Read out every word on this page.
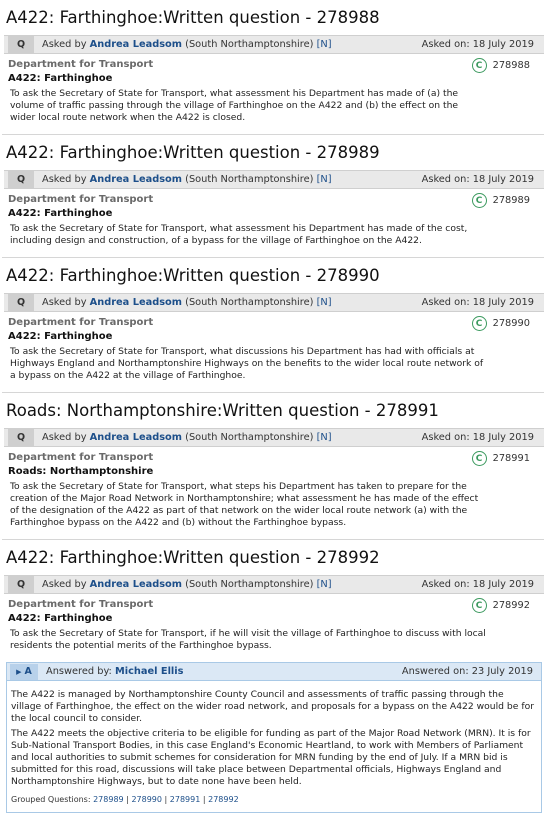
A422: Farthinghoe:Written question - 278988
Q	Asked by Andrea Leadsom (South Northamptonshire) [N]	Asked on: 18 July 2019
Department for Transport
A422: Farthinghoe
To ask the Secretary of State for Transport, what assessment his Department has made of (a) the volume of traffic passing through the village of Farthinghoe on the A422 and (b) the effect on the wider local route network when the A422 is closed.
C	278988
A422: Farthinghoe:Written question - 278989
Q	Asked by Andrea Leadsom (South Northamptonshire) [N]	Asked on: 18 July 2019
Department for Transport
A422: Farthinghoe
To ask the Secretary of State for Transport, what assessment his Department has made of the cost, including design and construction, of a bypass for the village of Farthinghoe on the A422.
C	278989
A422: Farthinghoe:Written question - 278990
Q	Asked by Andrea Leadsom (South Northamptonshire) [N]	Asked on: 18 July 2019
Department for Transport
A422: Farthinghoe
To ask the Secretary of State for Transport, what discussions his Department has had with officials at Highways England and Northamptonshire Highways on the benefits to the wider local route network of a bypass on the A422 at the village of Farthinghoe.
C	278990
Roads: Northamptonshire:Written question - 278991
Q	Asked by Andrea Leadsom (South Northamptonshire) [N]	Asked on: 18 July 2019
Department for Transport
Roads: Northamptonshire
To ask the Secretary of State for Transport, what steps his Department has taken to prepare for the creation of the Major Road Network in Northamptonshire; what assessment he has made of the effect of the designation of the A422 as part of that network on the wider local route network (a) with the Farthinghoe bypass on the A422 and (b) without the Farthinghoe bypass.
C	278991
A422: Farthinghoe:Written question - 278992
Q	Asked by Andrea Leadsom (South Northamptonshire) [N]	Asked on: 18 July 2019
Department for Transport
A422: Farthinghoe
To ask the Secretary of State for Transport, if he will visit the village of Farthinghoe to discuss with local residents the potential merits of the Farthinghoe bypass.
C	278992
▶ A Answered by: Michael Ellis	Answered on: 23 July 2019

The A422 is managed by Northamptonshire County Council and assessments of traffic passing through the village of Farthinghoe, the effect on the wider road network, and proposals for a bypass on the A422 would be for the local council to consider.

The A422 meets the objective criteria to be eligible for funding as part of the Major Road Network (MRN). It is for Sub-National Transport Bodies, in this case England's Economic Heartland, to work with Members of Parliament and local authorities to submit schemes for consideration for MRN funding by the end of July. If a MRN bid is submitted for this road, discussions will take place between Departmental officials, Highways England and Northamptonshire Highways, but to date none have been held.

Grouped Questions: 278989 | 278990 | 278991 | 278992
